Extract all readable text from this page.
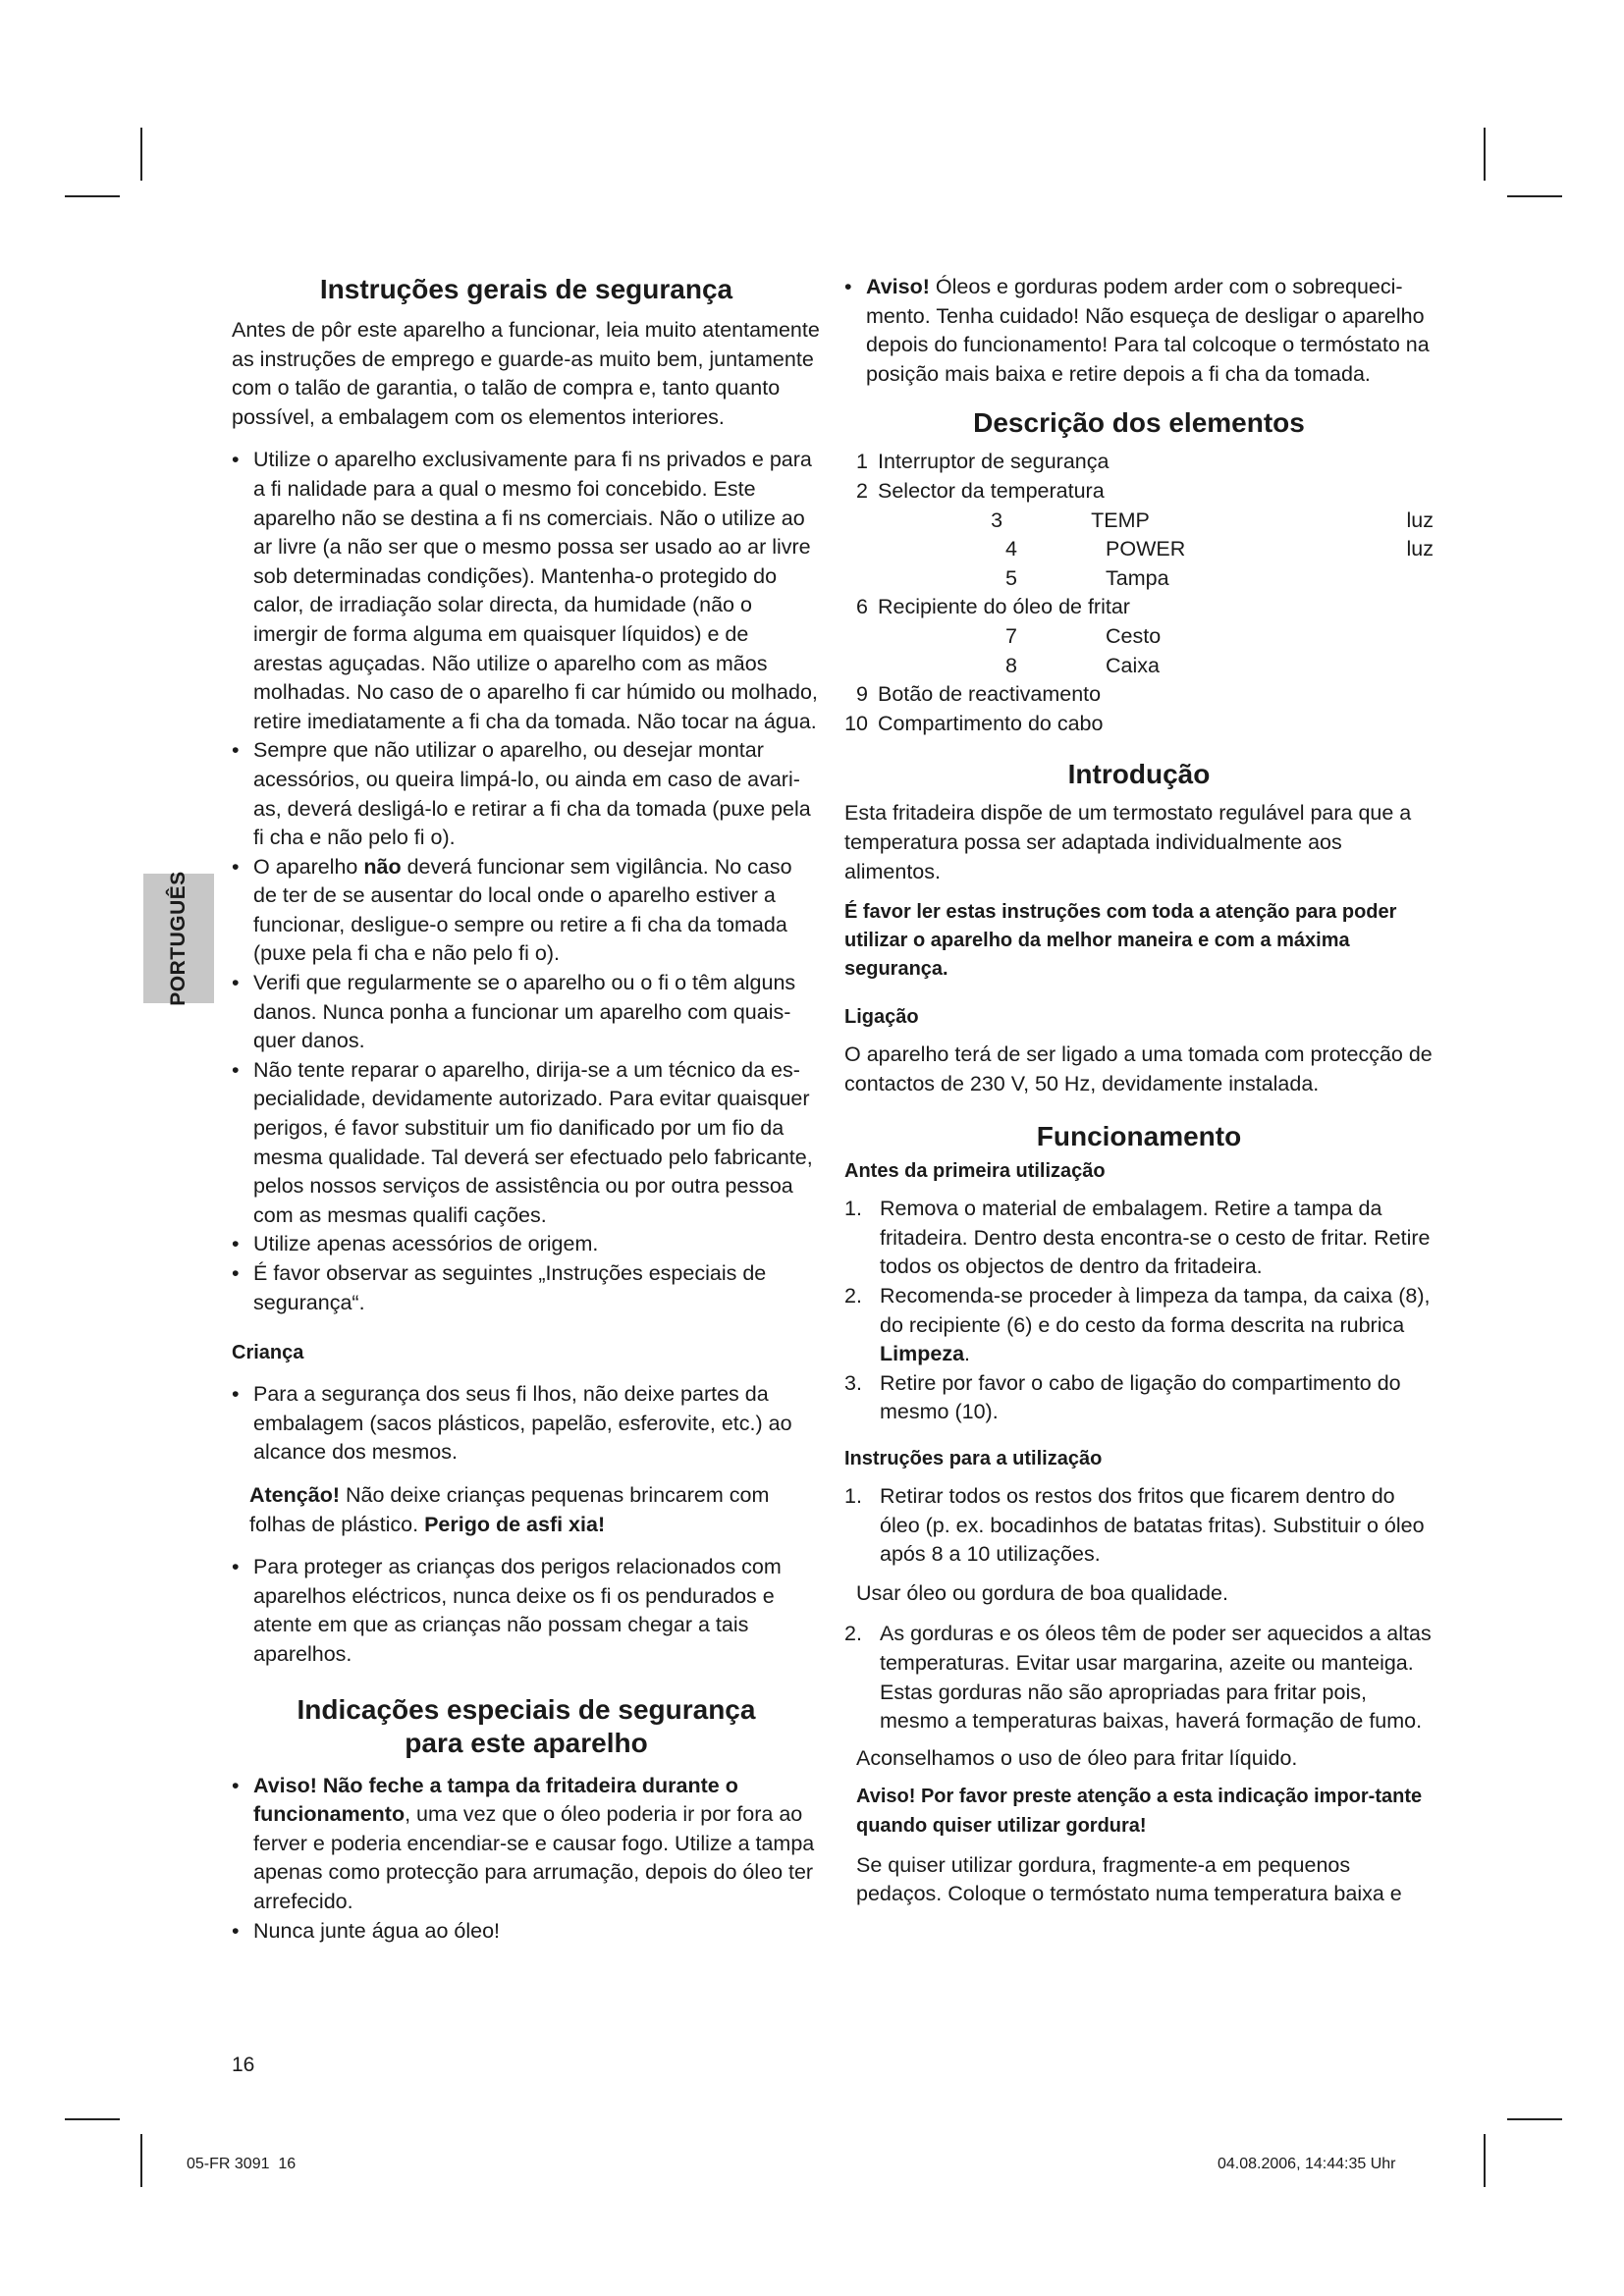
PORTUGUÊS
Instruções gerais de segurança

Antes de pôr este aparelho a funcionar, leia muito atentamente as instruções de emprego e guarde-as muito bem, juntamente com o talão de garantia, o talão de compra e, tanto quanto possível, a embalagem com os elementos interiores.

• Utilize o aparelho exclusivamente para fi ns privados e para a fi nalidade para a qual o mesmo foi concebido. Este aparelho não se destina a fi ns comerciais. Não o utilize ao ar livre (a não ser que o mesmo possa ser usado ao ar livre sob determinadas condições). Mantenha-o protegido do calor, de irradiação solar directa, da humidade (não o imergir de forma alguma em quaisquer líquidos) e de arestas aguçadas. Não utilize o aparelho com as mãos molhadas. No caso de o aparelho fi car húmido ou molhado, retire imediatamente a fi cha da tomada. Não tocar na água.

• Sempre que não utilizar o aparelho, ou desejar montar acessórios, ou queira limpá-lo, ou ainda em caso de avari-as, deverá desligá-lo e retirar a fi cha da tomada (puxe pela fi cha e não pelo fi o).

• O aparelho não deverá funcionar sem vigilância. No caso de ter de se ausentar do local onde o aparelho estiver a funcionar, desligue-o sempre ou retire a fi cha da tomada (puxe pela fi cha e não pelo fi o).

• Verifi que regularmente se o aparelho ou o fi o têm alguns danos. Nunca ponha a funcionar um aparelho com quais-quer danos.

• Não tente reparar o aparelho, dirija-se a um técnico da es-pecialidade, devidamente autorizado. Para evitar quaisquer perigos, é favor substituir um fio danificado por um fio da mesma qualidade. Tal deverá ser efectuado pelo fabricante, pelos nossos serviços de assistência ou por outra pessoa com as mesmas qualifi cações.

• Utilize apenas acessórios de origem.

• É favor observar as seguintes „Instruções especiais de segurança“.

Criança

• Para a segurança dos seus fi lhos, não deixe partes da embalagem (sacos plásticos, papelão, esferovite, etc.) ao alcance dos mesmos.

Atenção! Não deixe crianças pequenas brincarem com folhas de plástico. Perigo de asfi xia!

• Para proteger as crianças dos perigos relacionados com aparelhos eléctricos, nunca deixe os fi os pendurados e atente em que as crianças não possam chegar a tais aparelhos.

Indicações especiais de segurança
para este aparelho

• Aviso! Não feche a tampa da fritadeira durante o funcionamento, uma vez que o óleo poderia ir por fora ao ferver e poderia encendiar-se e causar fogo. Utilize a tampa apenas como protecção para arrumação, depois do óleo ter arrefecido.

• Nunca junte água ao óleo!

• Aviso! Óleos e gorduras podem arder com o sobrequeci-mento. Tenha cuidado! Não esqueça de desligar o aparelho depois do funcionamento! Para tal colcoque o termóstato na posição mais baixa e retire depois a fi cha da tomada.

Descrição dos elementos
1 Interruptor de segurança
2 Selector da temperatura
3	TEMP	luz
4	POWER	luz
5	Tampa
6 Recipiente do óleo de fritar
7	Cesto
8	Caixa
9 Botão de reactivamento
10 Compartimento do cabo
Introdução

Esta fritadeira dispõe de um termostato regulável para que a temperatura possa ser adaptada individualmente aos alimentos.

É favor ler estas instruções com toda a atenção para poder utilizar o aparelho da melhor maneira e com a máxima segurança.

Ligação

O aparelho terá de ser ligado a uma tomada com protecção de contactos de 230 V, 50 Hz, devidamente instalada.

Funcionamento
Antes da primeira utilização

1. Remova o material de embalagem. Retire a tampa da fritadeira. Dentro desta encontra-se o cesto de fritar. Retire todos os objectos de dentro da fritadeira.

2. Recomenda-se proceder à limpeza da tampa, da caixa (8), do recipiente (6) e do cesto da forma descrita na rubrica Limpeza.

3. Retire por favor o cabo de ligação do compartimento do mesmo (10).

Instruções para a utilização

1. Retirar todos os restos dos fritos que ficarem dentro do óleo (p. ex. bocadinhos de batatas fritas). Substituir o óleo após 8 a 10 utilizações.

Usar óleo ou gordura de boa qualidade.

2. As gorduras e os óleos têm de poder ser aquecidos a altas temperaturas. Evitar usar margarina, azeite ou manteiga. Estas gorduras não são apropriadas para fritar pois, mesmo a temperaturas baixas, haverá formação de fumo.

Aconselhamos o uso de óleo para fritar líquido.

Aviso! Por favor preste atenção a esta indicação impor-tante quando quiser utilizar gordura!

Se quiser utilizar gordura, fragmente-a em pequenos pedaços. Coloque o termóstato numa temperatura baixa e

16
05-FR 3091  16	04.08.2006, 14:44:35 Uhr
